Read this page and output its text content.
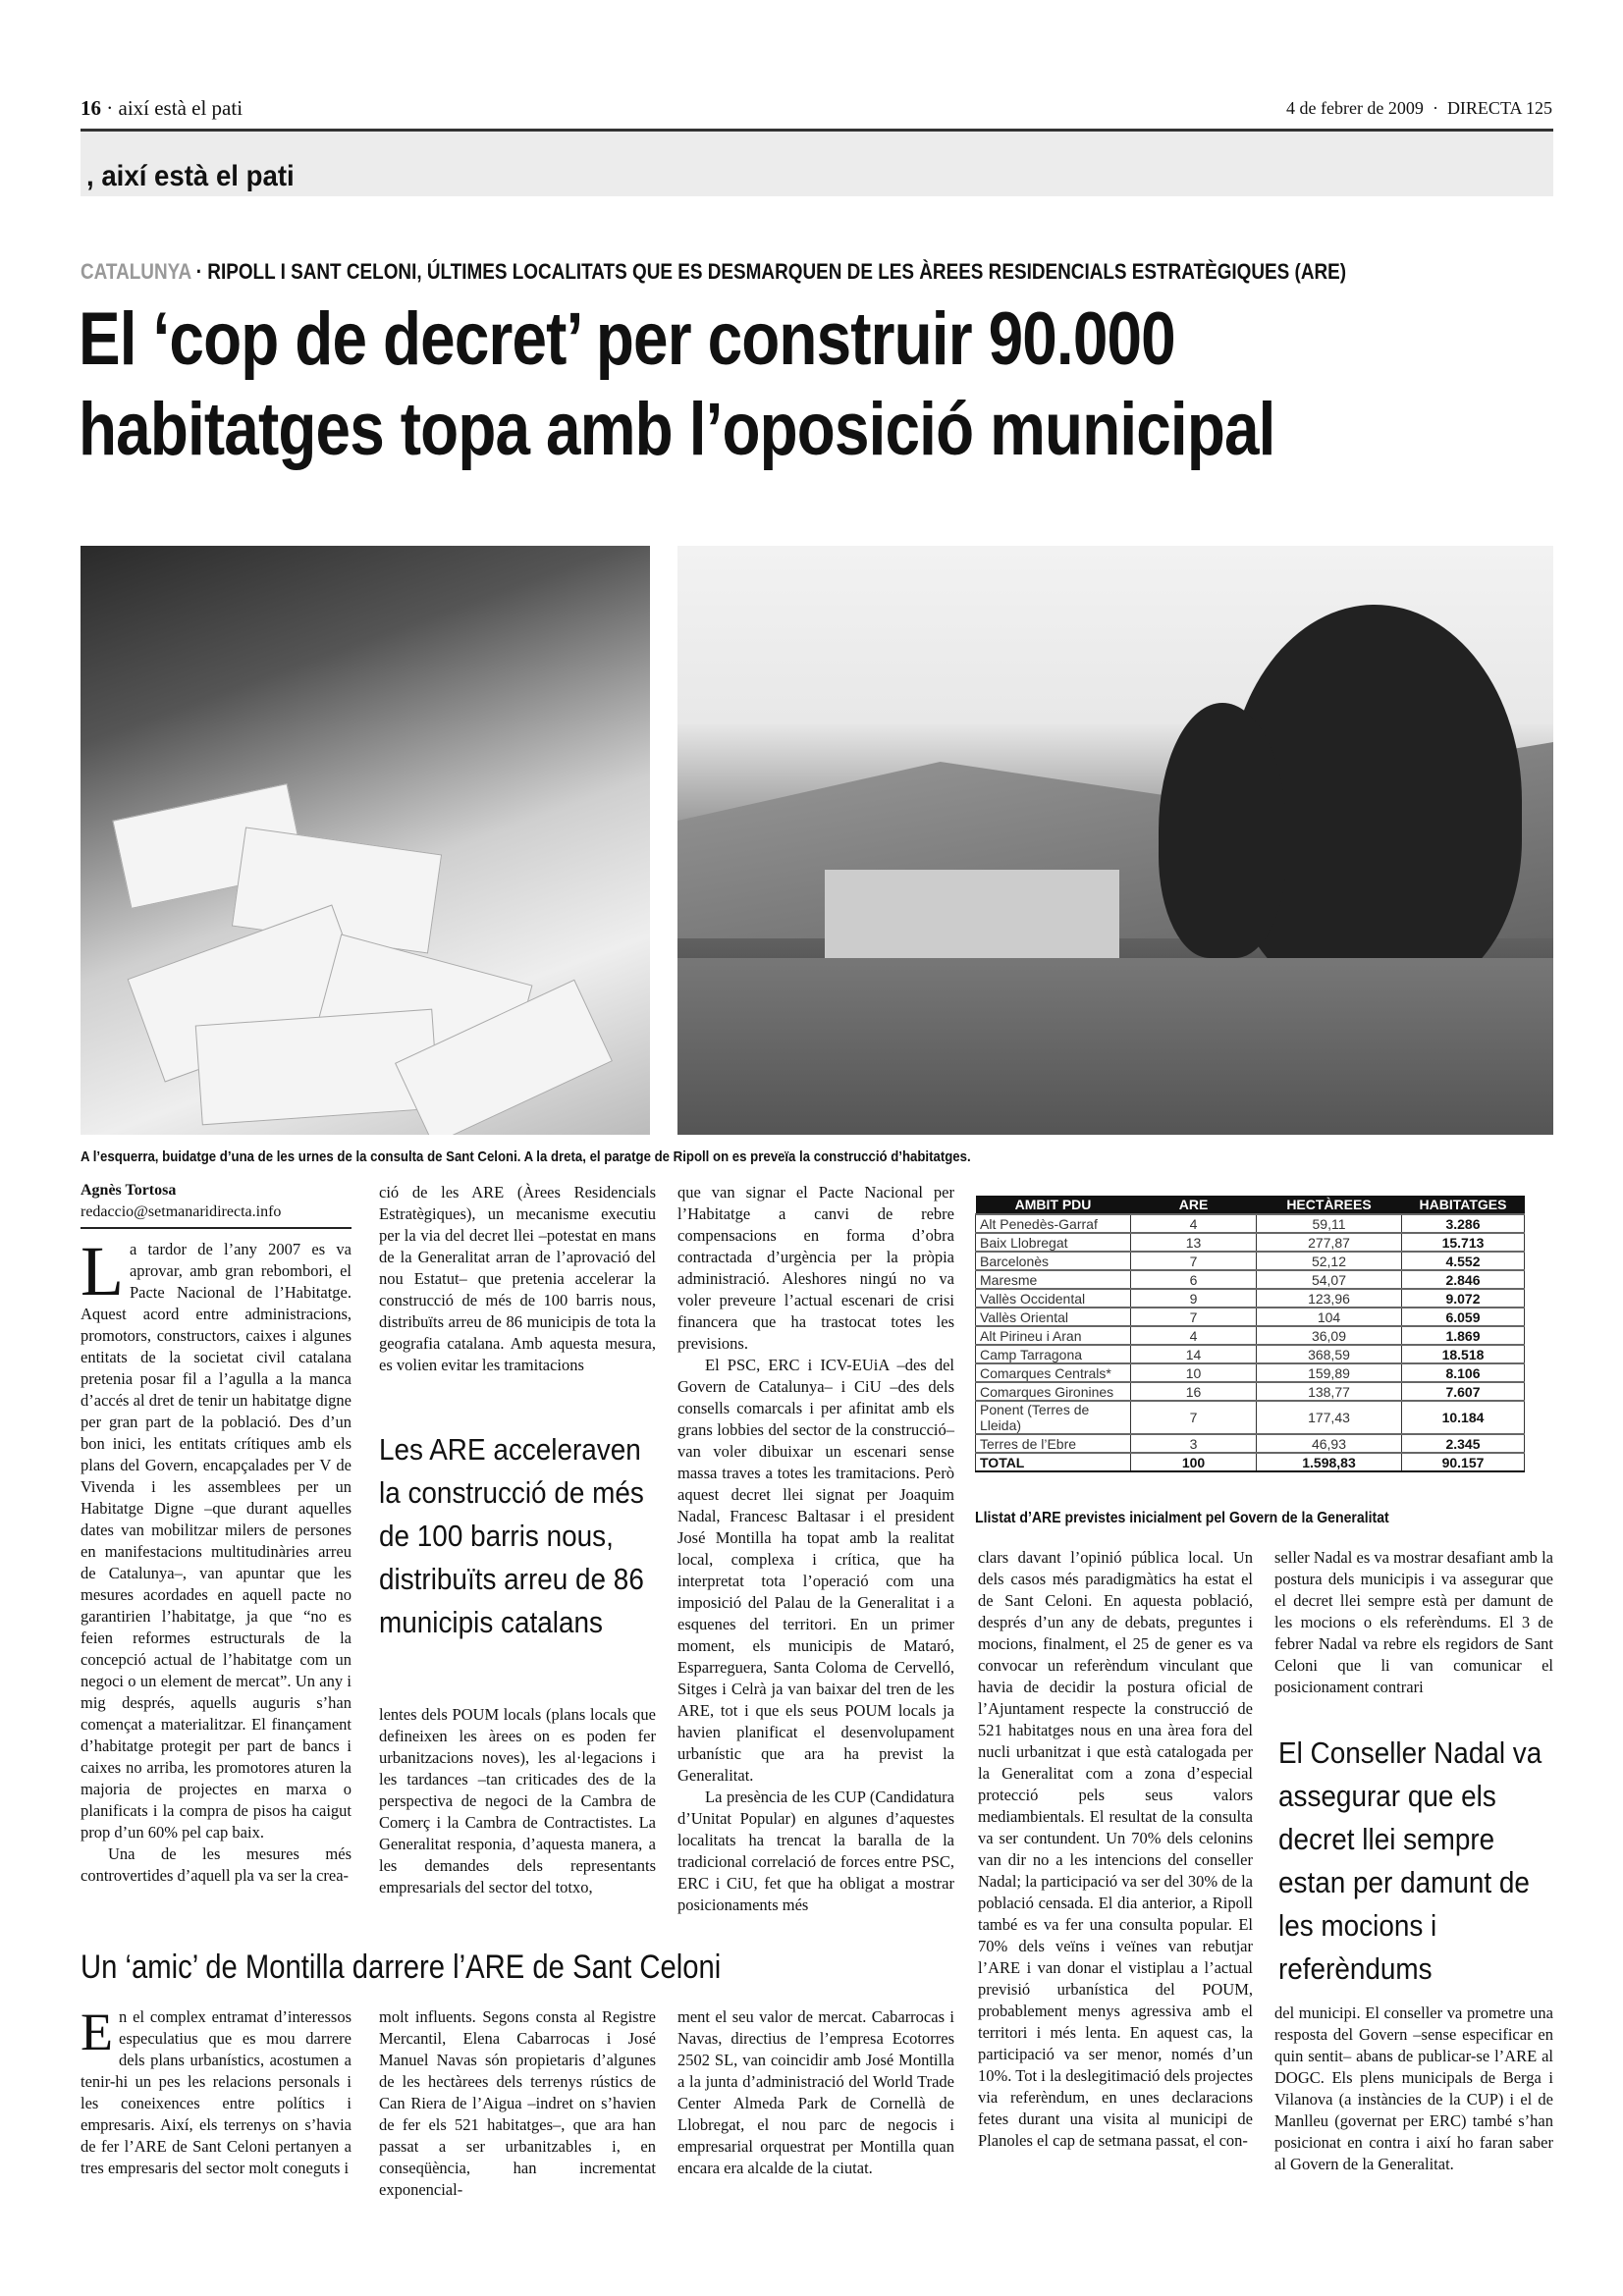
16 · així està el pati	4 de febrer de 2009  ·  DIRECTA 125
, així està el pati
CATALUNYA · RIPOLL I SANT CELONI, ÚLTIMES LOCALITATS QUE ES DESMARQUEN DE LES ÀREES RESIDENCIALS ESTRATÈGIQUES (ARE)
El ‘cop de decret’ per construir 90.000
habitatges topa amb l’oposició municipal
A l’esquerra, buidatge d’una de les urnes de la consulta de Sant Celoni. A la dreta, el paratge de Ripoll on es preveïa la construcció d’habitatges.
Agnès Tortosa
redaccio@setmanaridirecta.info

La tardor de l’any 2007 es va aprovar, amb gran rebombori, el Pacte Nacional de l’Habitatge. Aquest acord entre administracions, promotors, constructors, caixes i algunes entitats de la societat civil catalana pretenia posar fil a l’agulla a la manca d’accés al dret de tenir un habitatge digne per gran part de la població. Des d’un bon inici, les entitats crítiques amb els plans del Govern, encapçalades per V de Vivenda i les assemblees per un Habitatge Digne –que durant aquelles dates van mobilitzar milers de persones en manifestacions multitudinàries arreu de Catalunya–, van apuntar que les mesures acordades en aquell pacte no garantirien l’habitatge, ja que “no es feien reformes estructurals de la concepció actual de l’habitatge com un negoci o un element de mercat”. Un any i mig després, aquells auguris s’han començat a materialitzar. El finançament d’habitatge protegit per part de bancs i caixes no arriba, les promotores aturen la majoria de projectes en marxa o planificats i la compra de pisos ha caigut prop d’un 60% pel cap baix.

Una de les mesures més controvertides d’aquell pla va ser la crea-

ció de les ARE (Àrees Residencials Estratègiques), un mecanisme executiu per la via del decret llei –potestat en mans de la Generalitat arran de l’aprovació del nou Estatut– que pretenia accelerar la construcció de més de 100 barris nous, distribuïts arreu de 86 municipis de tota la geografia catalana. Amb aquesta mesura, es volien evitar les tramitacions

Les ARE acceleraven la construcció de més de 100 barris nous, distribuïts arreu de 86 municipis catalans

lentes dels POUM locals (plans locals que defineixen les àrees on es poden fer urbanitzacions noves), les al·legacions i les tardances –tan criticades des de la perspectiva de negoci de la Cambra de Comerç i la Cambra de Contractistes. La Generalitat responia, d’aquesta manera, a les demandes dels representants empresarials del sector del totxo,

que van signar el Pacte Nacional per l’Habitatge a canvi de rebre compensacions en forma d’obra contractada d’urgència per la pròpia administració. Aleshores ningú no va voler preveure l’actual escenari de crisi financera que ha trastocat totes les previsions.

El PSC, ERC i ICV-EUiA –des del Govern de Catalunya– i CiU –des dels consells comarcals i per afinitat amb els grans lobbies del sector de la construcció– van voler dibuixar un escenari sense massa traves a totes les tramitacions. Però aquest decret llei signat per Joaquim Nadal, Francesc Baltasar i el president José Montilla ha topat amb la realitat local, complexa i crítica, que ha interpretat tota l’operació com una imposició del Palau de la Generalitat i a esquenes del territori. En un primer moment, els municipis de Mataró, Esparreguera, Santa Coloma de Cervelló, Sitges i Celrà ja van baixar del tren de les ARE, tot i que els seus POUM locals ja havien planificat el desenvolupament urbanístic que ara ha previst la Generalitat.

La presència de les CUP (Candidatura d’Unitat Popular) en algunes d’aquestes localitats ha trencat la baralla de la tradicional correlació de forces entre PSC, ERC i CiU, fet que ha obligat a mostrar posicionaments més

AMBIT PDU	ARE	HECTÀREES	HABITATGES
Alt Penedès-Garraf	4	59,11	3.286
Baix Llobregat	13	277,87	15.713
Barcelonès	7	52,12	4.552
Maresme	6	54,07	2.846
Vallès Occidental	9	123,96	9.072
Vallès Oriental	7	104	6.059
Alt Pirineu i Aran	4	36,09	1.869
Camp Tarragona	14	368,59	18.518
Comarques Centrals*	10	159,89	8.106
Comarques Gironines	16	138,77	7.607
Ponent (Terres de Lleida)	7	177,43	10.184
Terres de l’Ebre	3	46,93	2.345
TOTAL	100	1.598,83	90.157
Llistat d’ARE previstes inicialment pel Govern de la Generalitat

clars davant l’opinió pública local. Un dels casos més paradigmàtics ha estat el de Sant Celoni. En aquesta població, després d’un any de debats, preguntes i mocions, finalment, el 25 de gener es va convocar un referèndum vinculant que havia de decidir la postura oficial de l’Ajuntament respecte la construcció de 521 habitatges nous en una àrea fora del nucli urbanitzat i que està catalogada per la Generalitat com a zona d’especial protecció pels seus valors mediambientals. El resultat de la consulta va ser contundent. Un 70% dels celonins van dir no a les intencions del conseller Nadal; la participació va ser del 30% de la població censada. El dia anterior, a Ripoll també es va fer una consulta popular. El 70% dels veïns i veïnes van rebutjar l’ARE i van donar el vistiplau a l’actual previsió urbanística del POUM, probablement menys agressiva amb el territori i més lenta. En aquest cas, la participació va ser menor, només d’un 10%. Tot i la deslegitimació dels projectes via referèndum, en unes declaracions fetes durant una visita al municipi de Planoles el cap de setmana passat, el con-

seller Nadal es va mostrar desafiant amb la postura dels municipis i va assegurar que el decret llei sempre està per damunt de les mocions o els referèndums. El 3 de febrer Nadal va rebre els regidors de Sant Celoni que li van comunicar el posicionament contrari

El Conseller Nadal va assegurar que els decret llei sempre estan per damunt de les mocions i referèndums

del municipi. El conseller va prometre una resposta del Govern –sense especificar en quin sentit– abans de publicar-se l’ARE al DOGC. Els plens municipals de Berga i Vilanova (a instàncies de la CUP) i el de Manlleu (governat per ERC) també s’han posicionat en contra i així ho faran saber al Govern de la Generalitat.

Un ‘amic’ de Montilla darrere l’ARE de Sant Celoni

En el complex entramat d’interessos especulatius que es mou darrere dels plans urbanístics, acostumen a tenir-hi un pes les relacions personals i les coneixences entre polítics i empresaris. Així, els terrenys on s’havia de fer l’ARE de Sant Celoni pertanyen a tres empresaris del sector molt coneguts i

molt influents. Segons consta al Registre Mercantil, Elena Cabarrocas i José Manuel Navas són propietaris d’algunes de les hectàrees dels terrenys rústics de Can Riera de l’Aigua –indret on s’havien de fer els 521 habitatges–, que ara han passat a ser urbanitzables i, en conseqüència, han incrementat exponencial-

ment el seu valor de mercat. Cabarrocas i Navas, directius de l’empresa Ecotorres 2502 SL, van coincidir amb José Montilla a la junta d’administració del World Trade Center Almeda Park de Cornellà de Llobregat, el nou parc de negocis i empresarial orquestrat per Montilla quan encara era alcalde de la ciutat.
